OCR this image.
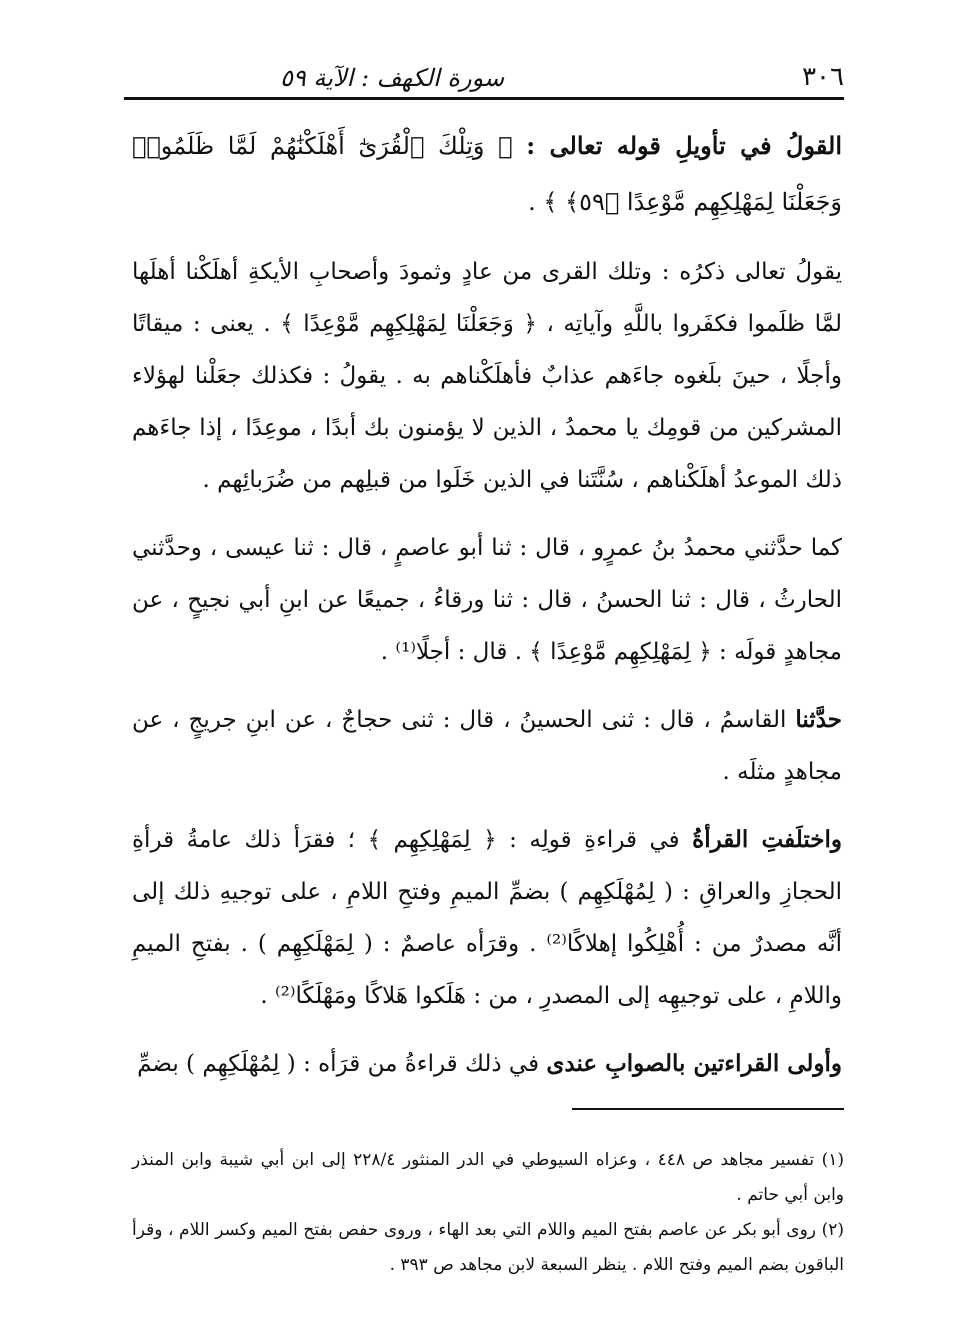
٣٠٦
سورة الكهف : الآية ٥٩

القولُ في تأويلِ قوله تعالى : ﴿ وَتِلْكَ ٱلْقُرَىٰٓ أَهْلَكْنَٰهُمْ لَمَّا ظَلَمُوا۟ وَجَعَلْنَا لِمَهْلِكِهِم مَّوْعِدًا ﴿٥٩﴾ ﴾ .

يقولُ تعالى ذكرُه : وتلك القرى من عادٍ وثمودَ وأصحابِ الأيكةِ أهلَكْنا أهلَها لمَّا ظلَموا فكفَروا باللَّهِ وآياتِه ، ﴿ وَجَعَلْنَا لِمَهْلِكِهِم مَّوْعِدًا ﴾ . يعنى : ميقاتًا وأجلًا ، حينَ بلَغوه جاءَهم عذابٌ فأهلَكْناهم به . يقولُ : فكذلك جعَلْنا لهؤلاء المشركين من قومِك يا محمدُ ، الذين لا يؤمنون بك أبدًا ، موعِدًا ، إذا جاءَهم ذلك الموعدُ أهلَكْناهم ، سُنَّتَنا في الذين خَلَوا من قبلِهم من ضُرَبائِهم .

كما حدَّثني محمدُ بنُ عمرٍو ، قال : ثنا أبو عاصمٍ ، قال : ثنا عيسى ، وحدَّثني الحارثُ ، قال : ثنا الحسنُ ، قال : ثنا ورقاءُ ، جميعًا عن ابنِ أبي نجيحٍ ، عن مجاهدٍ قولَه : ﴿ لِمَهْلِكِهِم مَّوْعِدًا ﴾ . قال : أجلًا⁽¹⁾ .

حدَّثنا القاسمُ ، قال : ثنى الحسينُ ، قال : ثنى حجاجٌ ، عن ابنِ جريجٍ ، عن مجاهدٍ مثلَه .

واختلَفتِ القرأةُ في قراءةِ قولِه : ﴿ لِمَهْلِكِهِم ﴾ ؛ فقرَأ ذلك عامةُ قرأةِ الحجازِ والعراقِ : ( لِمُهْلَكِهِم ) بضمِّ الميمِ وفتحِ اللامِ ، على توجيهِ ذلك إلى أنَّه مصدرٌ من : أُهْلِكُوا إهلاكًا⁽²⁾ . وقرَأه عاصمٌ : ( لِمَهْلَكِهِم ) . بفتحِ الميمِ واللامِ ، على توجيهِه إلى المصدرِ ، من : هَلَكوا هَلاكًا ومَهْلَكًا⁽²⁾ .

وأولى القراءتين بالصوابِ عندى في ذلك قراءةُ من قرَأه : ( لِمُهْلَكِهِم ) بضمِّ

(١) تفسير مجاهد ص ٤٤٨ ، وعزاه السيوطي في الدر المنثور ٢٢٨/٤ إلى ابن أبي شيبة وابن المنذر وابن أبي حاتم .

(٢) روى أبو بكر عن عاصم بفتح الميم واللام التي بعد الهاء ، وروى حفص بفتح الميم وكسر اللام ، وقرأ الباقون بضم الميم وفتح اللام . ينظر السبعة لابن مجاهد ص ٣٩٣ .
